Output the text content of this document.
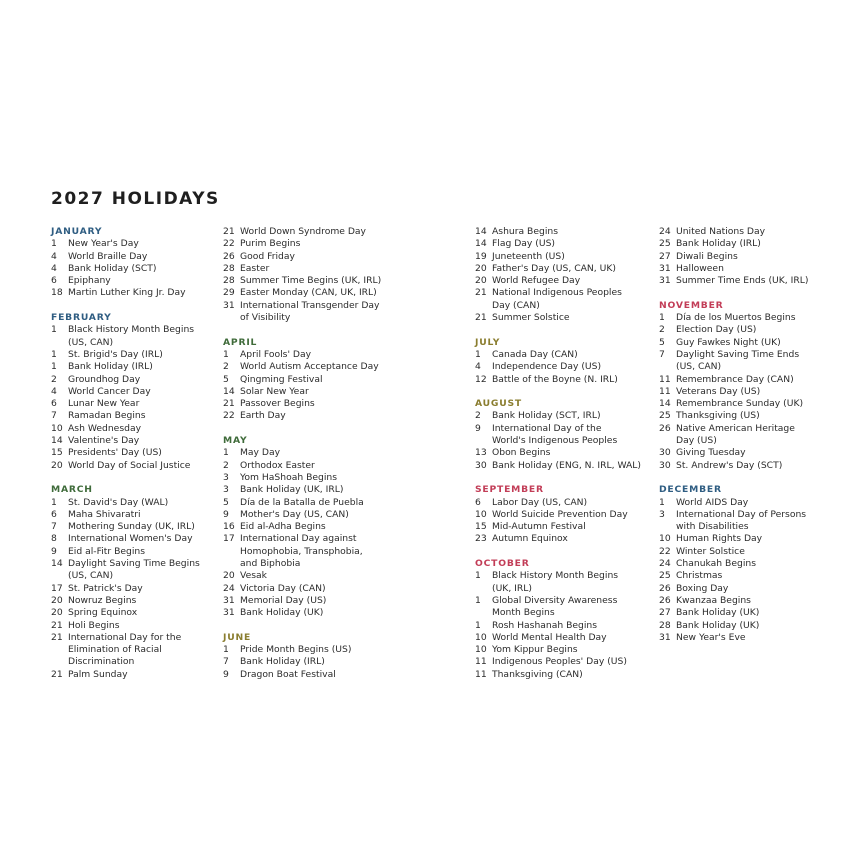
2027 HOLIDAYS
JANUARY
1	New Year's Day
4	World Braille Day
4	Bank Holiday (SCT)
6	Epiphany
18 Martin Luther King Jr. Day
FEBRUARY
1	Black History Month Begins
(US, CAN)
1	St. Brigid's Day (IRL)
1	Bank Holiday (IRL)
2	Groundhog Day
4	World Cancer Day
6	Lunar New Year
7	Ramadan Begins
10 Ash Wednesday
14 Valentine's Day
15 Presidents' Day (US)
20 World Day of Social Justice
MARCH
1	St. David's Day (WAL)
6	Maha Shivaratri
7	Mothering Sunday (UK, IRL)
8	International Women's Day
9	Eid al-Fitr Begins
14 Daylight Saving Time Begins
(US, CAN)
17 St. Patrick's Day
20 Nowruz Begins
20 Spring Equinox
21 Holi Begins
21 International Day for the
Elimination of Racial
Discrimination
21 Palm Sunday
21 World Down Syndrome Day
22 Purim Begins
26 Good Friday
28 Easter
28 Summer Time Begins (UK, IRL)
29 Easter Monday (CAN, UK, IRL)
31 International Transgender Day
of Visibility
APRIL
1	April Fools' Day
2	World Autism Acceptance Day
5	Qingming Festival
14 Solar New Year
21 Passover Begins
22 Earth Day
MAY
1	May Day
2	Orthodox Easter
3	Yom HaShoah Begins
3	Bank Holiday (UK, IRL)
5	Día de la Batalla de Puebla
9	Mother's Day (US, CAN)
16 Eid al-Adha Begins
17 International Day against
Homophobia, Transphobia,
and Biphobia
20 Vesak
24 Victoria Day (CAN)
31 Memorial Day (US)
31 Bank Holiday (UK)
JUNE
1	Pride Month Begins (US)
7	Bank Holiday (IRL)
9	Dragon Boat Festival
14 Ashura Begins
14 Flag Day (US)
19 Juneteenth (US)
20 Father's Day (US, CAN, UK)
20 World Refugee Day
21 National Indigenous Peoples
Day (CAN)
21 Summer Solstice
JULY
1	Canada Day (CAN)
4	Independence Day (US)
12 Battle of the Boyne (N. IRL)
AUGUST
2	Bank Holiday (SCT, IRL)
9	International Day of the
World's Indigenous Peoples
13 Obon Begins
30 Bank Holiday (ENG, N. IRL, WAL)
SEPTEMBER
6	Labor Day (US, CAN)
10 World Suicide Prevention Day
15 Mid-Autumn Festival
23 Autumn Equinox
OCTOBER
1	Black History Month Begins
(UK, IRL)
1	Global Diversity Awareness
Month Begins
1	Rosh Hashanah Begins
10 World Mental Health Day
10 Yom Kippur Begins
11 Indigenous Peoples' Day (US)
11 Thanksgiving (CAN)
24 United Nations Day
25 Bank Holiday (IRL)
27 Diwali Begins
31 Halloween
31 Summer Time Ends (UK, IRL)
NOVEMBER
1	Día de los Muertos Begins
2	Election Day (US)
5	Guy Fawkes Night (UK)
7	Daylight Saving Time Ends
(US, CAN)
11 Remembrance Day (CAN)
11 Veterans Day (US)
14 Remembrance Sunday (UK)
25 Thanksgiving (US)
26 Native American Heritage
Day (US)
30 Giving Tuesday
30 St. Andrew's Day (SCT)
DECEMBER
1	World AIDS Day
3	International Day of Persons
with Disabilities
10 Human Rights Day
22 Winter Solstice
24 Chanukah Begins
25 Christmas
26 Boxing Day
26 Kwanzaa Begins
27 Bank Holiday (UK)
28 Bank Holiday (UK)
31 New Year's Eve
